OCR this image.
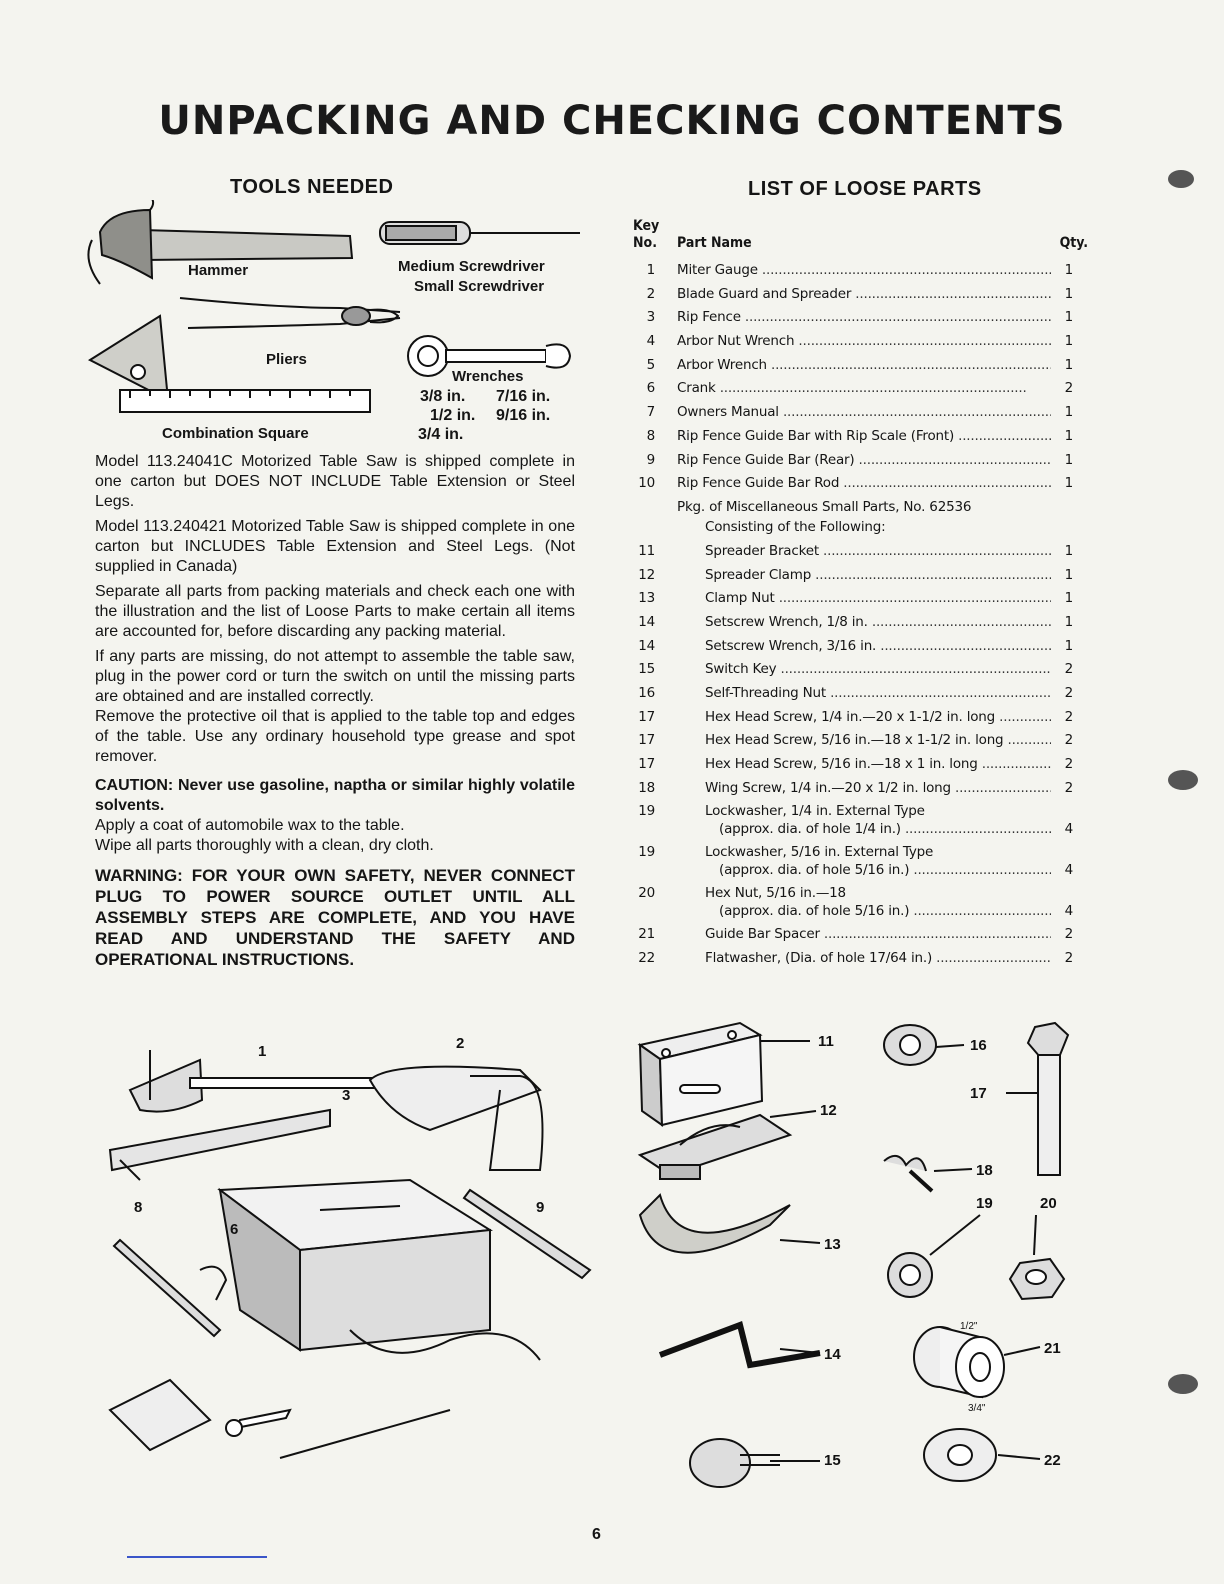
UNPACKING AND CHECKING CONTENTS
TOOLS NEEDED
Hammer	Medium Screwdriver
Small Screwdriver
Pliers
Wrenches
3/8 in. 7/16 in.
1/2 in. 9/16 in.
3/4 in.
Combination Square

Model 113.24041C Motorized Table Saw is shipped complete in one carton but DOES NOT INCLUDE Table Extension or Steel Legs.

Model 113.240421 Motorized Table Saw is shipped complete in one carton but INCLUDES Table Extension and Steel Legs. (Not supplied in Canada)

Separate all parts from packing materials and check each one with the illustration and the list of Loose Parts to make certain all items are accounted for, before discarding any packing material.

If any parts are missing, do not attempt to assemble the table saw, plug in the power cord or turn the switch on until the missing parts are obtained and are installed correctly.

Remove the protective oil that is applied to the table top and edges of the table. Use any ordinary household type grease and spot remover.

CAUTION: Never use gasoline, naptha or similar highly volatile solvents.

Apply a coat of automobile wax to the table.

Wipe all parts thoroughly with a clean, dry cloth.

WARNING: FOR YOUR OWN SAFETY, NEVER CONNECT PLUG TO POWER SOURCE OUTLET UNTIL ALL ASSEMBLY STEPS ARE COMPLETE, AND YOU HAVE READ AND UNDERSTAND THE SAFETY AND OPERATIONAL INSTRUCTIONS.

LIST OF LOOSE PARTS
Key No. Part Name	Qty.
1 Miter Gauge .....	1
2 Blade Guard and Spreader .....	1
3 Rip Fence .....	1
4 Arbor Nut Wrench .....	1
5 Arbor Wrench .....	1
6 Crank .....	2
7 Owners Manual .....	1
8 Rip Fence Guide Bar with Rip Scale (Front) .....	1
9 Rip Fence Guide Bar (Rear) .....	1
10 Rip Fence Guide Bar Rod .....	1
Pkg. of Miscellaneous Small Parts, No. 62536
Consisting of the Following:
11	Spreader Bracket .....	1
12	Spreader Clamp .....	1
13	Clamp Nut .....	1
14	Setscrew Wrench, 1/8 in. .....	1
14	Setscrew Wrench, 3/16 in. .....	1
15	Switch Key .....	2
16	Self-Threading Nut .....	2
17	Hex Head Screw, 1/4 in.—20 x 1-1/2 in. long .....	2
17	Hex Head Screw, 5/16 in.—18 x 1-1/2 in. long .....	2
17	Hex Head Screw, 5/16 in.—18 x 1 in. long .....	2
18	Wing Screw, 1/4 in.—20 x 1/2 in. long .....	2
19	Lockwasher, 1/4 in. External Type
(approx. dia. of hole 1/4 in.) .....	4
19	Lockwasher, 5/16 in. External Type
(approx. dia. of hole 5/16 in.) .....	4
20	Hex Nut, 5/16 in.—18
(approx. dia. of hole 5/16 in.) .....	4
21	Guide Bar Spacer .....	2
22	Flatwasher, (Dia. of hole 17/64 in.) .....	2
1	2
3
6
8	9
11
12
13
14
15
16
17
18
19	20
21
22
1/2"
3/4"
6
